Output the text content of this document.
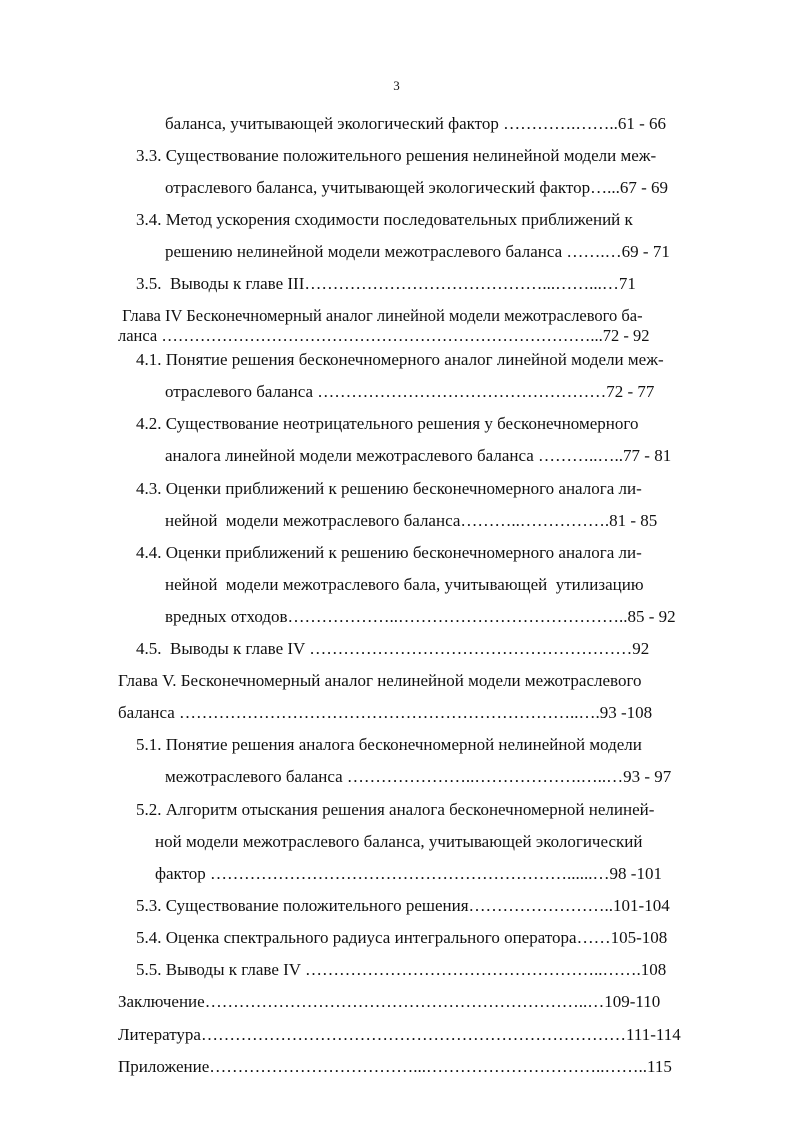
3
баланса, учитывающей экологический фактор ………….……..61 - 66
3.3. Существование положительного решения нелинейной модели меж-
отраслевого баланса, учитывающей экологический фактор…...67 - 69
3.4. Метод ускорения сходимости последовательных приближений к
решению нелинейной модели межотраслевого баланса …….…69 - 71
3.5.  Выводы к главе III……………………………………...……...…71
Глава IV Бесконечномерный аналог линейной модели межотраслевого ба-
ланса ……………………………………………………………………...72 - 92
4.1. Понятие решения бесконечномерного аналог линейной модели меж-
отраслевого баланса ……………………………………………72 - 77
4.2. Существование неотрицательного решения у бесконечномерного
аналога линейной модели межотраслевого баланса ………..…..77 - 81
4.3. Оценки приближений к решению бесконечномерного аналога ли-
нейной  модели межотраслевого баланса………..…………….81 - 85
4.4. Оценки приближений к решению бесконечномерного аналога ли-
нейной  модели межотраслевого бала, учитывающей  утилизацию
вредных отходов………………..…………………………………..85 - 92
4.5.  Выводы к главе IV …………………………………………………92
Глава V. Бесконечномерный аналог нелинейной модели межотраслевого
баланса ……………………………………………………………..….93 -108
5.1. Понятие решения аналога бесконечномерной нелинейной модели
межотраслевого баланса …………………..……………….…..…93 - 97
5.2. Алгоритм отыскания решения аналога бесконечномерной нелиней-
ной модели межотраслевого баланса, учитывающей экологический
фактор ………………………………………………………......…98 -101
5.3. Существование положительного решения……………………..101-104
5.4. Оценка спектрального радиуса интегрального оператора……105-108
5.5. Выводы к главе IV ……………………………………………..…….108
Заключение…………………………………………………………..…109-110
Литература…………………………………………………………………111-114
Приложение………………………………...…………………………..……..115
